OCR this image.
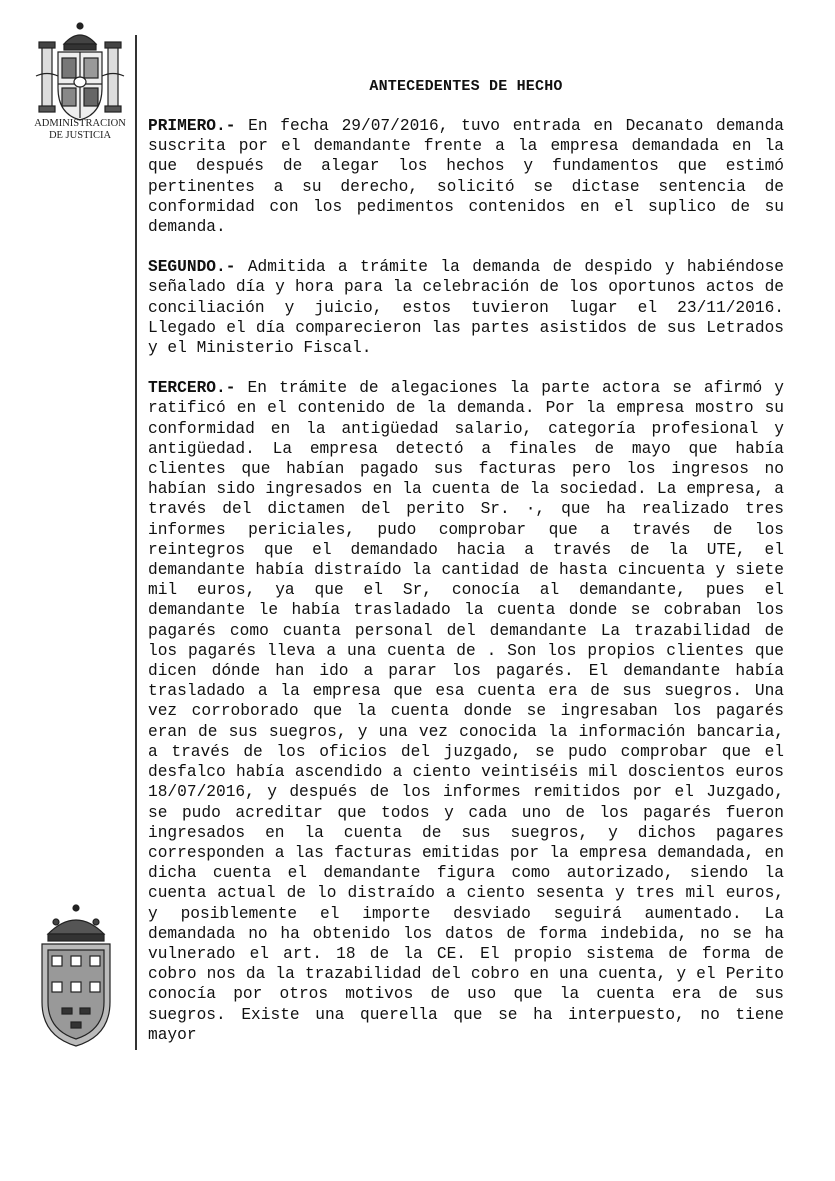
ADMINISTRACION
DE JUSTICIA
ANTECEDENTES DE HECHO

PRIMERO.- En fecha 29/07/2016, tuvo entrada en Decanato demanda suscrita por el demandante frente a la empresa demandada en la que después de alegar los hechos y fundamentos que estimó pertinentes a su derecho, solicitó se dictase sentencia de conformidad con los pedimentos contenidos en el suplico de su demanda.

SEGUNDO.- Admitida a trámite la demanda de despido y habiéndose señalado día y hora para la celebración de los oportunos actos de conciliación y juicio, estos tuvieron lugar el 23/11/2016. Llegado el día comparecieron las partes asistidos de sus Letrados y el Ministerio Fiscal.

TERCERO.- En trámite de alegaciones la parte actora se afirmó y ratificó en el contenido de la demanda. Por la empresa mostro su conformidad en la antigüedad salario, categoría profesional y antigüedad. La empresa detectó a finales de mayo que había clientes que habían pagado sus facturas pero los ingresos no habían sido ingresados en la cuenta de la sociedad. La empresa, a través del dictamen del perito Sr. ·, que ha realizado tres informes periciales, pudo comprobar que a través de los reintegros que el demandado hacia a través de la UTE, el demandante había distraído la cantidad de hasta cincuenta y siete mil euros, ya que el Sr, conocía al demandante, pues el demandante le había trasladado la cuenta donde se cobraban los pagarés como cuanta personal del demandante La trazabilidad de los pagarés lleva a una cuenta de . Son los propios clientes que dicen dónde han ido a parar los pagarés. El demandante había trasladado a la empresa que esa cuenta era de sus suegros. Una vez corroborado que la cuenta donde se ingresaban los pagarés eran de sus suegros, y una vez conocida la información bancaria, a través de los oficios del juzgado, se pudo comprobar que el desfalco había ascendido a ciento veintiséis mil doscientos euros 18/07/2016, y después de los informes remitidos por el Juzgado, se pudo acreditar que todos y cada uno de los pagarés fueron ingresados en la cuenta de sus suegros, y dichos pagares corresponden a las facturas emitidas por la empresa demandada, en dicha cuenta el demandante figura como autorizado, siendo la cuenta actual de lo distraído a ciento sesenta y tres mil euros, y posiblemente el importe desviado seguirá aumentado. La demandada no ha obtenido los datos de forma indebida, no se ha vulnerado el art. 18 de la CE. El propio sistema de forma de cobro nos da la trazabilidad del cobro en una cuenta, y el Perito conocía por otros motivos de uso que la cuenta era de sus suegros. Existe una querella que se ha interpuesto, no tiene mayor
